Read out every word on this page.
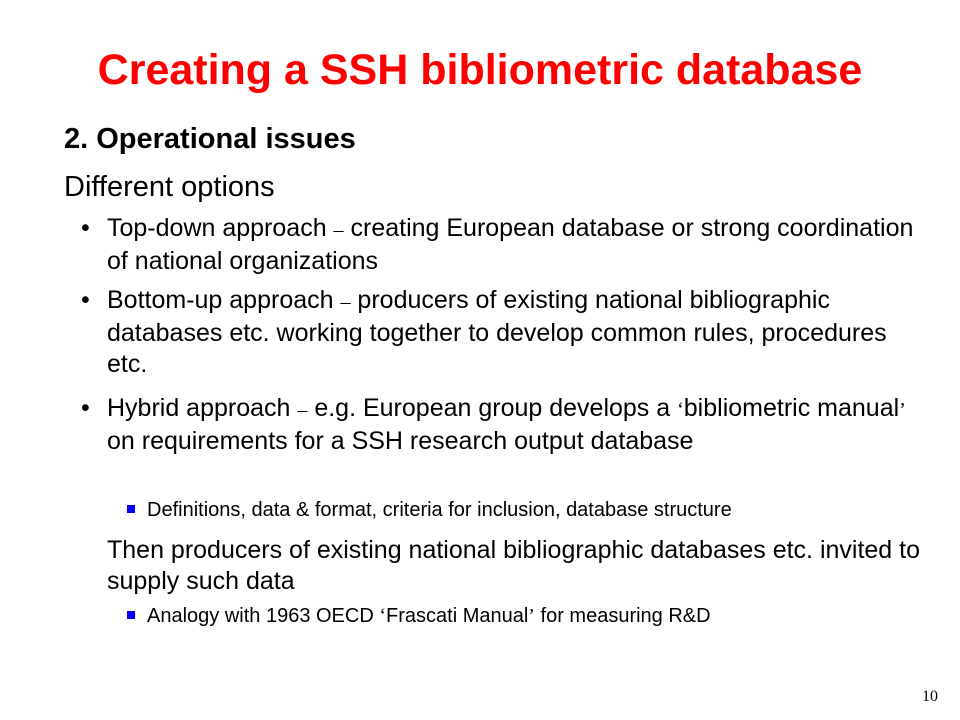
Creating a SSH bibliometric database
2. Operational issues
Different options
• Top-down approach – creating European database or strong coordination of national organizations
• Bottom-up approach – producers of existing national bibliographic databases etc. working together to develop common rules, procedures etc.
• Hybrid approach – e.g. European group develops a ‘bibliometric manual’ on requirements for a SSH research output database
Definitions, data & format, criteria for inclusion, database structure
Then producers of existing national bibliographic databases etc. invited to supply such data
Analogy with 1963 OECD ‘Frascati Manual’ for measuring R&D
10
